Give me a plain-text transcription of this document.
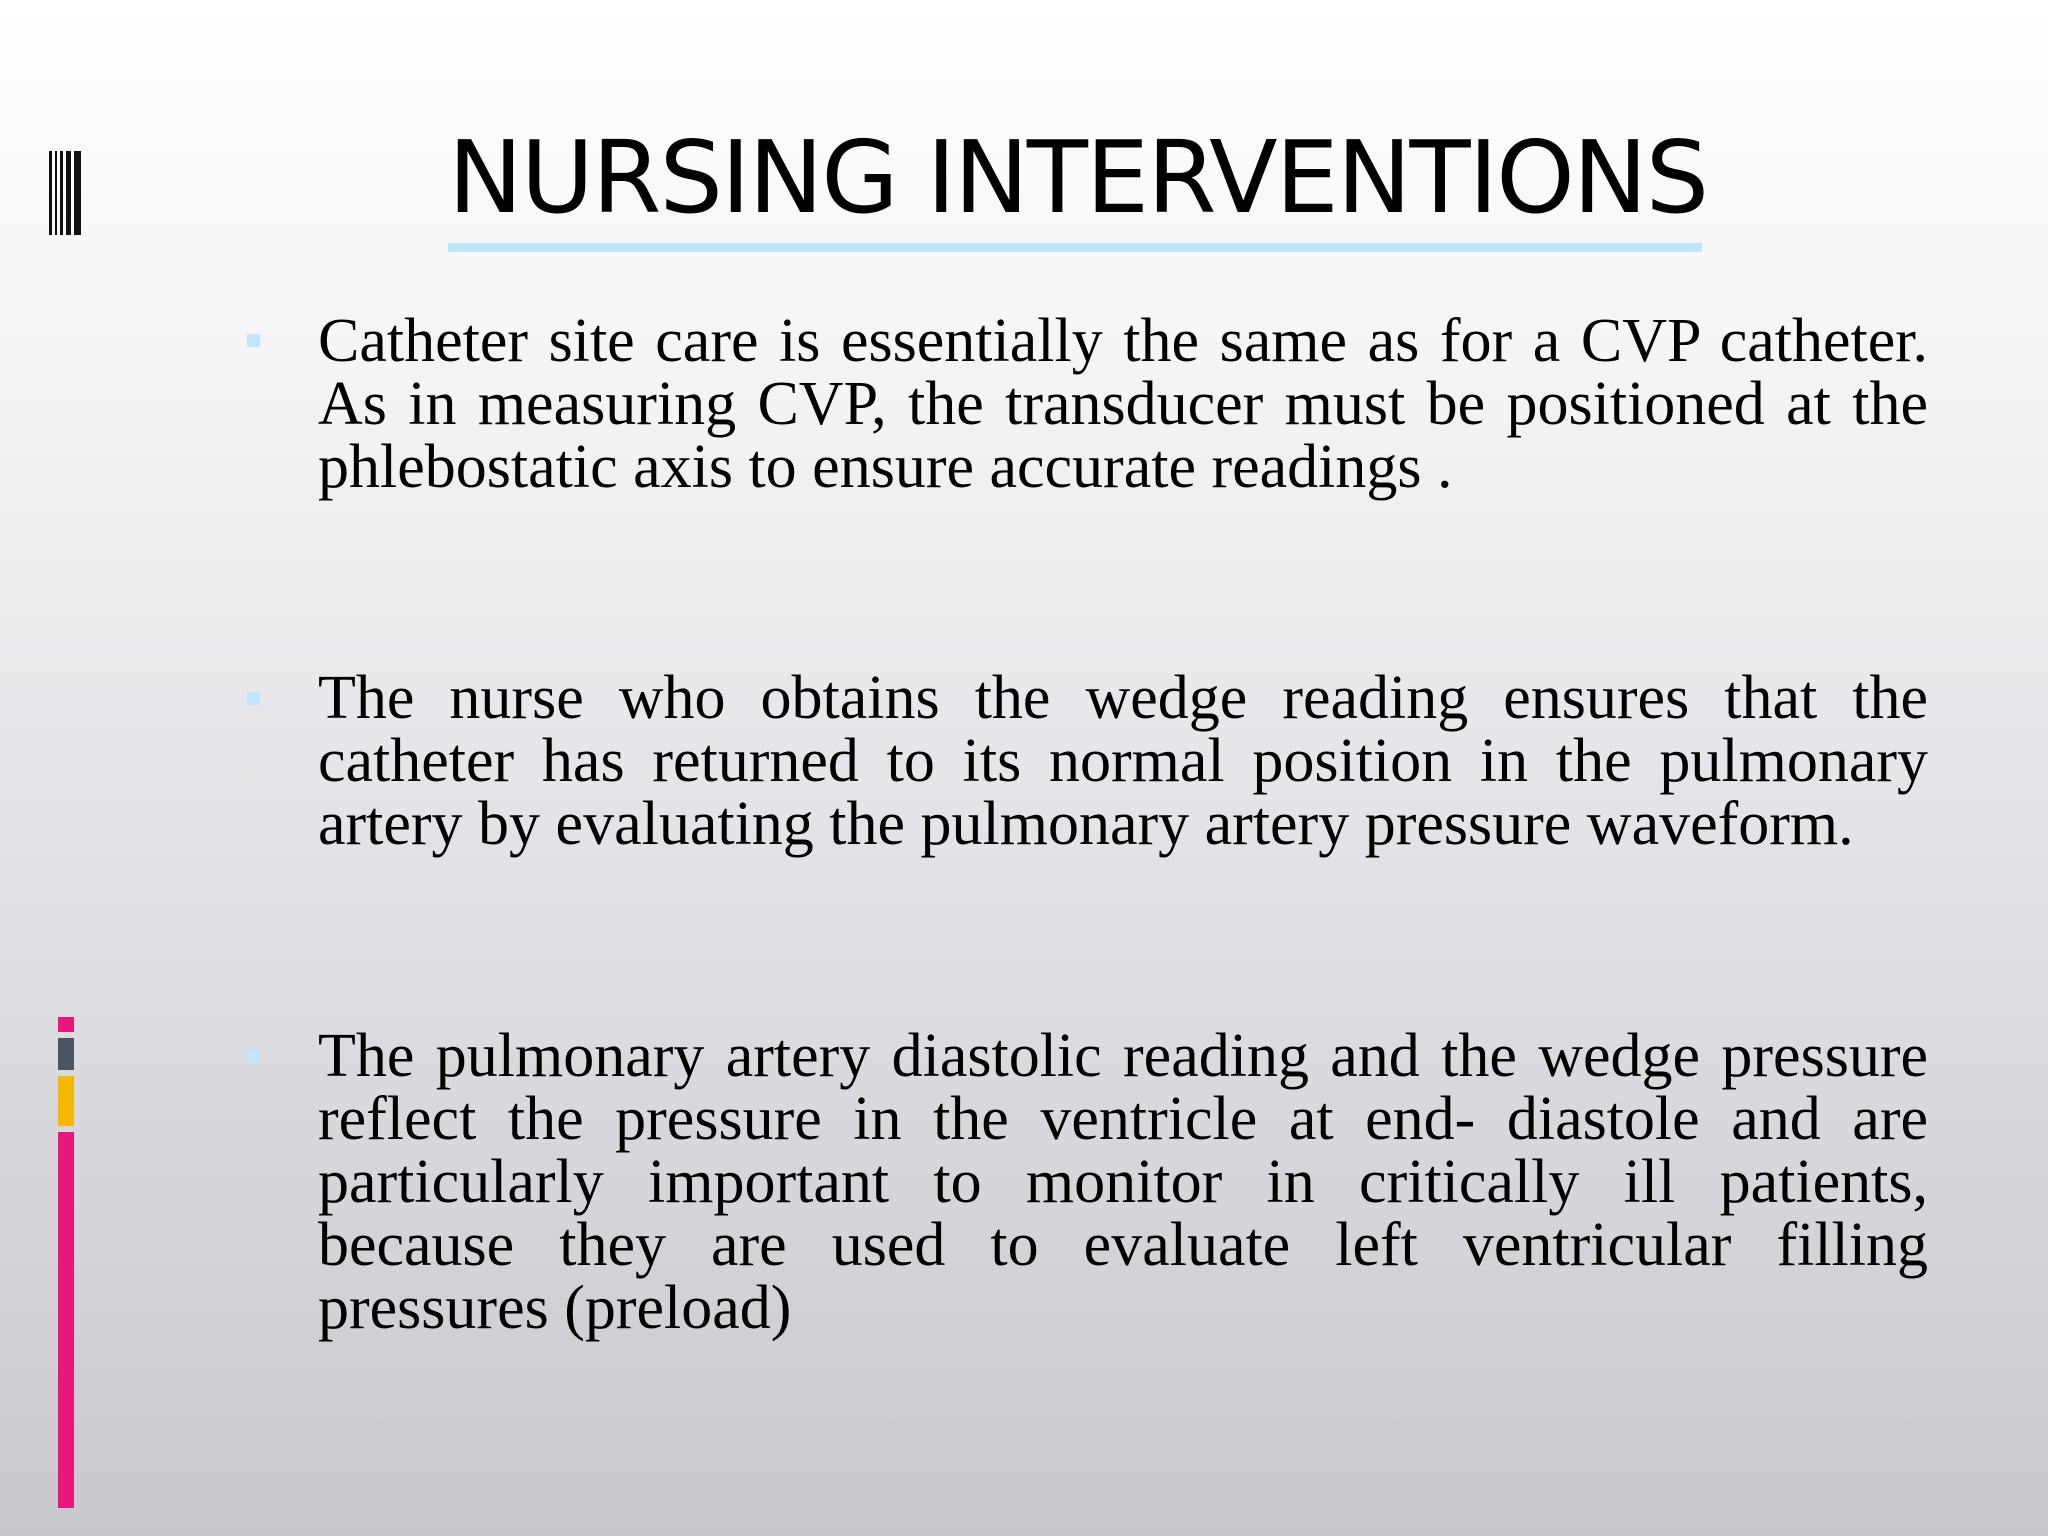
NURSING INTERVENTIONS
Catheter site care is essentially the same as for a CVP catheter. As in measuring CVP, the transducer must be positioned at the phlebostatic axis to ensure accurate readings .
The nurse who obtains the wedge reading ensures that the catheter has returned to its normal position in the pulmonary artery by evaluating the pulmonary artery pressure waveform.
The pulmonary artery diastolic reading and the wedge pressure reflect the pressure in the ventricle at end- diastole and are particularly important to monitor in critically ill patients, because they are used to evaluate left ventricular filling pressures (preload)
